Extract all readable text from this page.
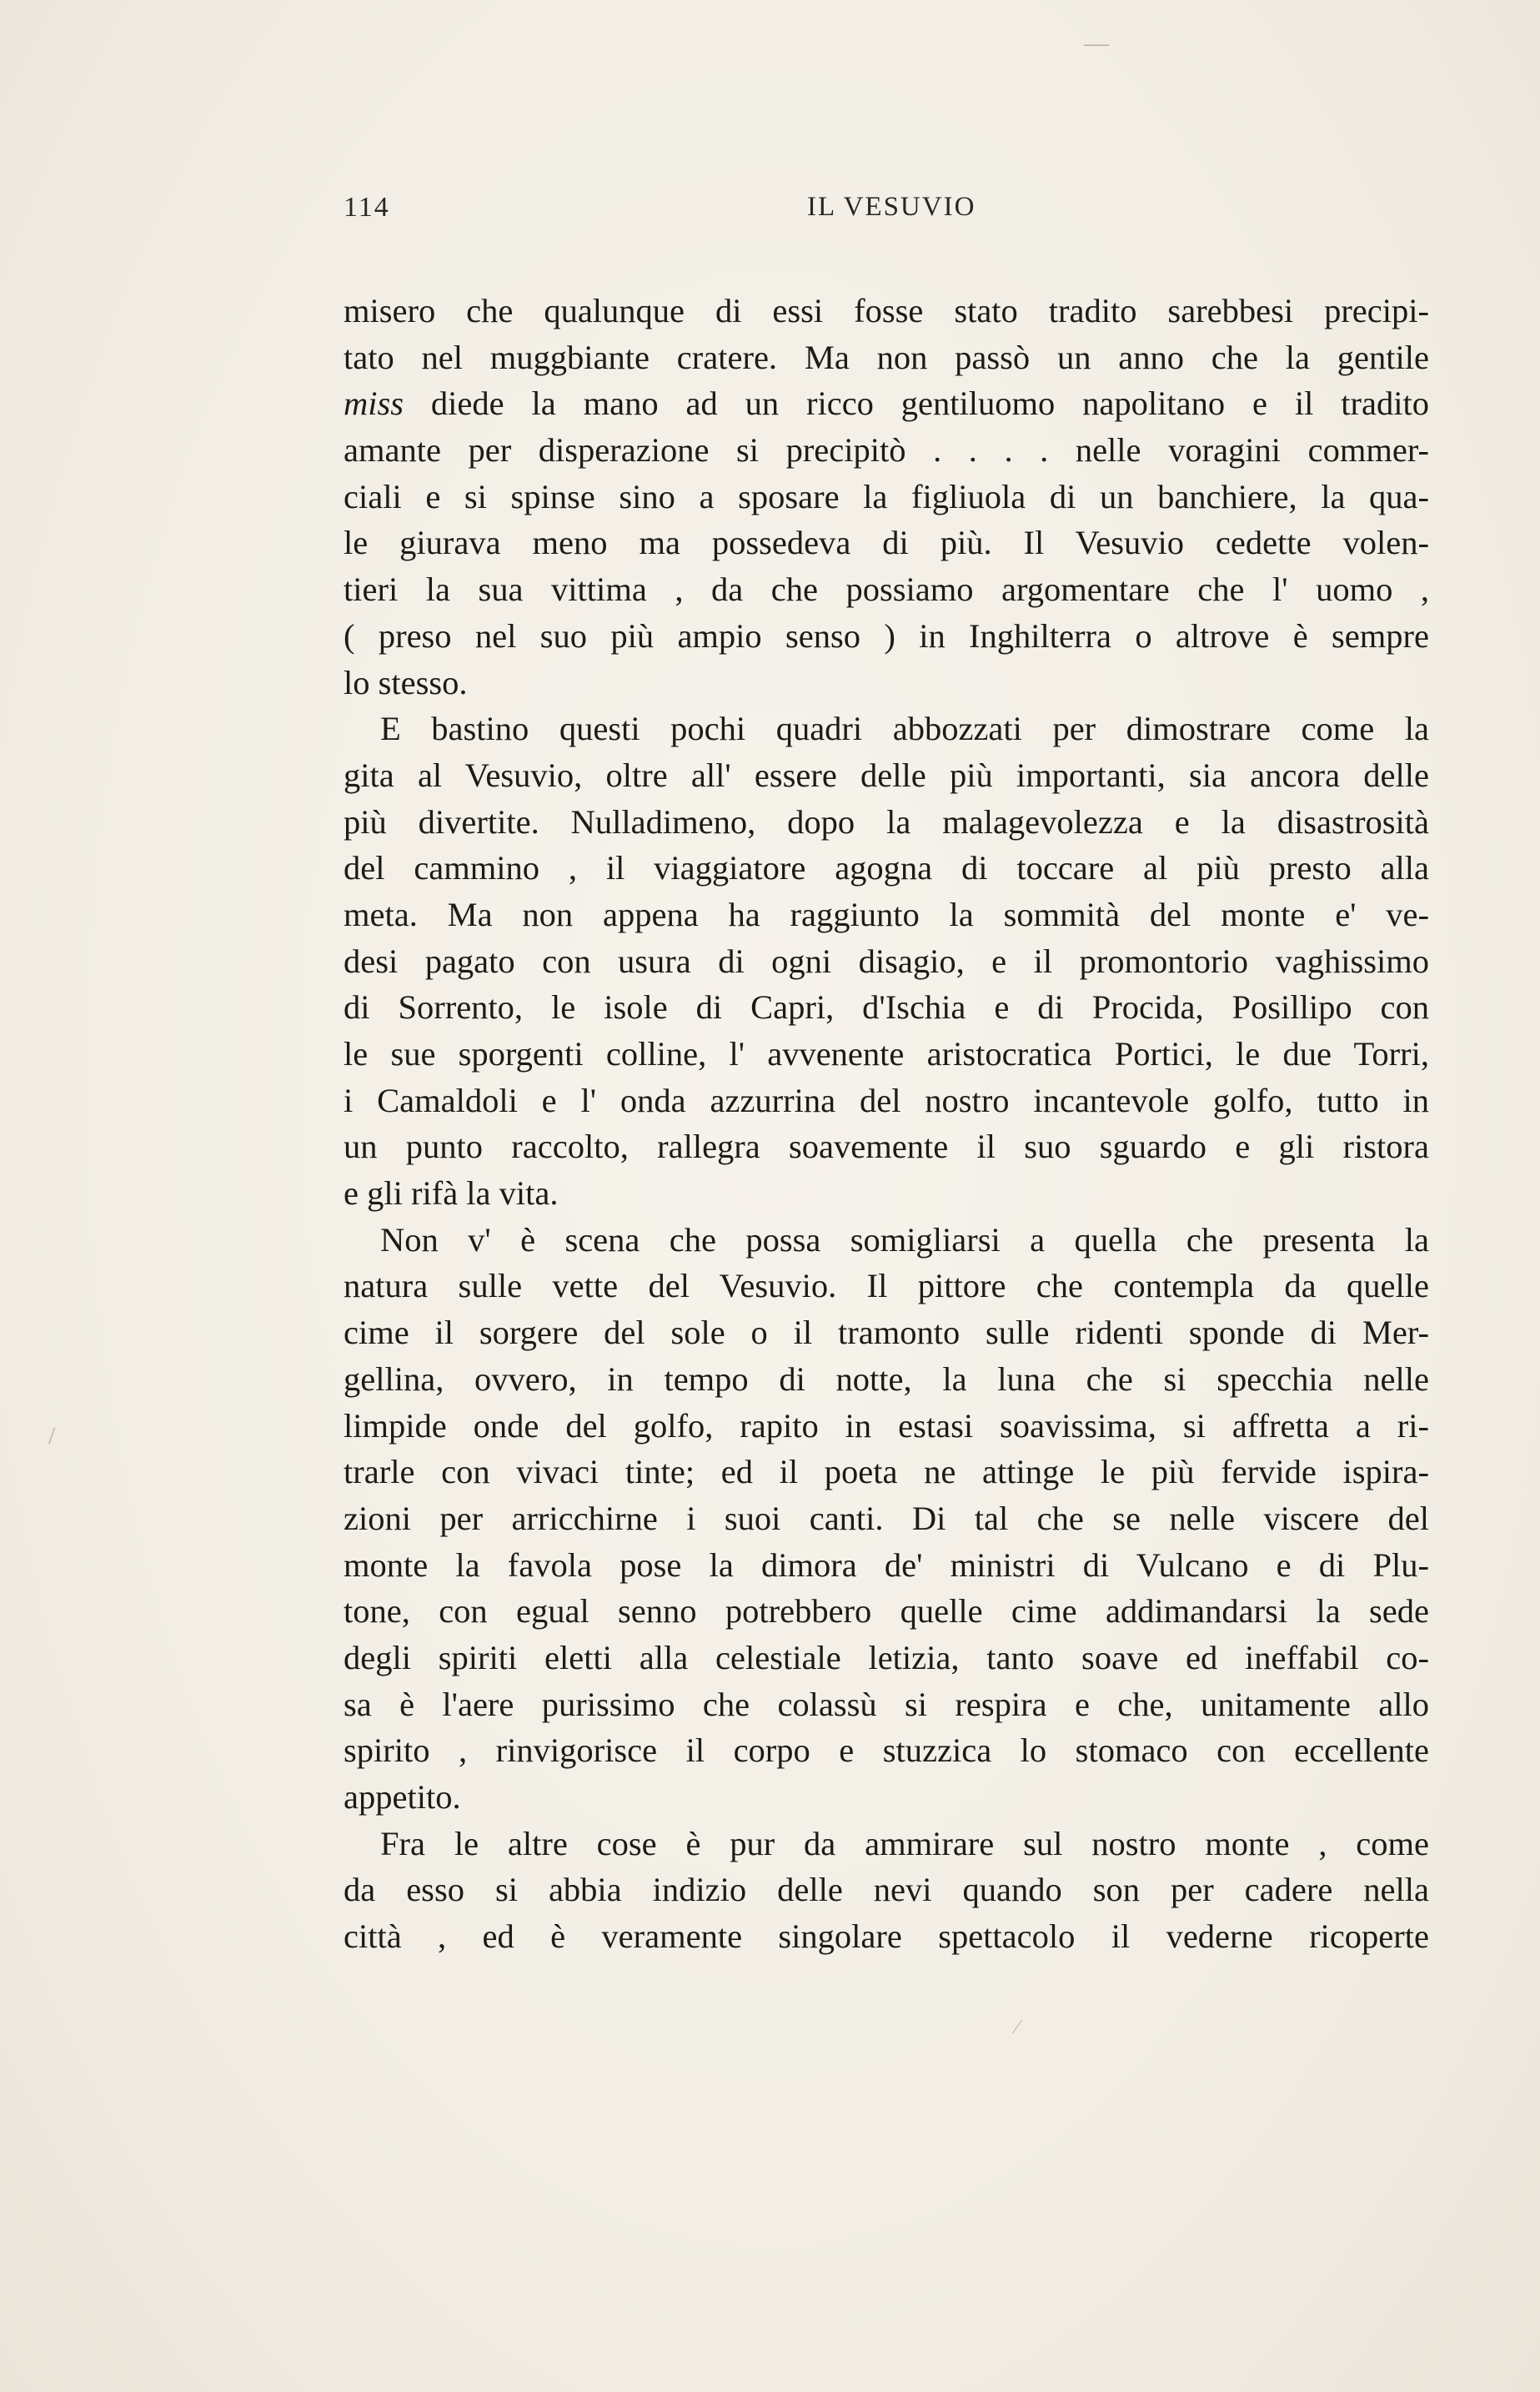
114	IL VESUVIO
misero che qualunque di essi fosse stato tradito sarebbesi precipi-
tato nel muggbiante cratere. Ma non passò un anno che la gentile
miss diede la mano ad un ricco gentiluomo napolitano e il tradito
amante per disperazione si precipitò . . . . nelle voragini commer-
ciali e si spinse sino a sposare la figliuola di un banchiere, la qua-
le giurava meno ma possedeva di più. Il Vesuvio cedette volen-
tieri la sua vittima , da che possiamo argomentare che l' uomo ,
( preso nel suo più ampio senso ) in Inghilterra o altrove è sempre
lo stesso.
E bastino questi pochi quadri abbozzati per dimostrare come la
gita al Vesuvio, oltre all' essere delle più importanti, sia ancora delle
più divertite. Nulladimeno, dopo la malagevolezza e la disastrosità
del cammino , il viaggiatore agogna di toccare al più presto alla
meta. Ma non appena ha raggiunto la sommità del monte e' ve-
desi pagato con usura di ogni disagio, e il promontorio vaghissimo
di Sorrento, le isole di Capri, d'Ischia e di Procida, Posillipo con
le sue sporgenti colline, l' avvenente aristocratica Portici, le due Torri,
i Camaldoli e l' onda azzurrina del nostro incantevole golfo, tutto in
un punto raccolto, rallegra soavemente il suo sguardo e gli ristora
e gli rifà la vita.
Non v' è scena che possa somigliarsi a quella che presenta la
natura sulle vette del Vesuvio. Il pittore che contempla da quelle
cime il sorgere del sole o il tramonto sulle ridenti sponde di Mer-
gellina, ovvero, in tempo di notte, la luna che si specchia nelle
limpide onde del golfo, rapito in estasi soavissima, si affretta a ri-
trarle con vivaci tinte; ed il poeta ne attinge le più fervide ispira-
zioni per arricchirne i suoi canti. Di tal che se nelle viscere del
monte la favola pose la dimora de' ministri di Vulcano e di Plu-
tone, con egual senno potrebbero quelle cime addimandarsi la sede
degli spiriti eletti alla celestiale letizia, tanto soave ed ineffabil co-
sa è l'aere purissimo che colassù si respira e che, unitamente allo
spirito , rinvigorisce il corpo e stuzzica lo stomaco con eccellente
appetito.
Fra le altre cose è pur da ammirare sul nostro monte , come
da esso si abbia indizio delle nevi quando son per cadere nella
città , ed è veramente singolare spettacolo il vederne ricoperte
—
/
⁄
